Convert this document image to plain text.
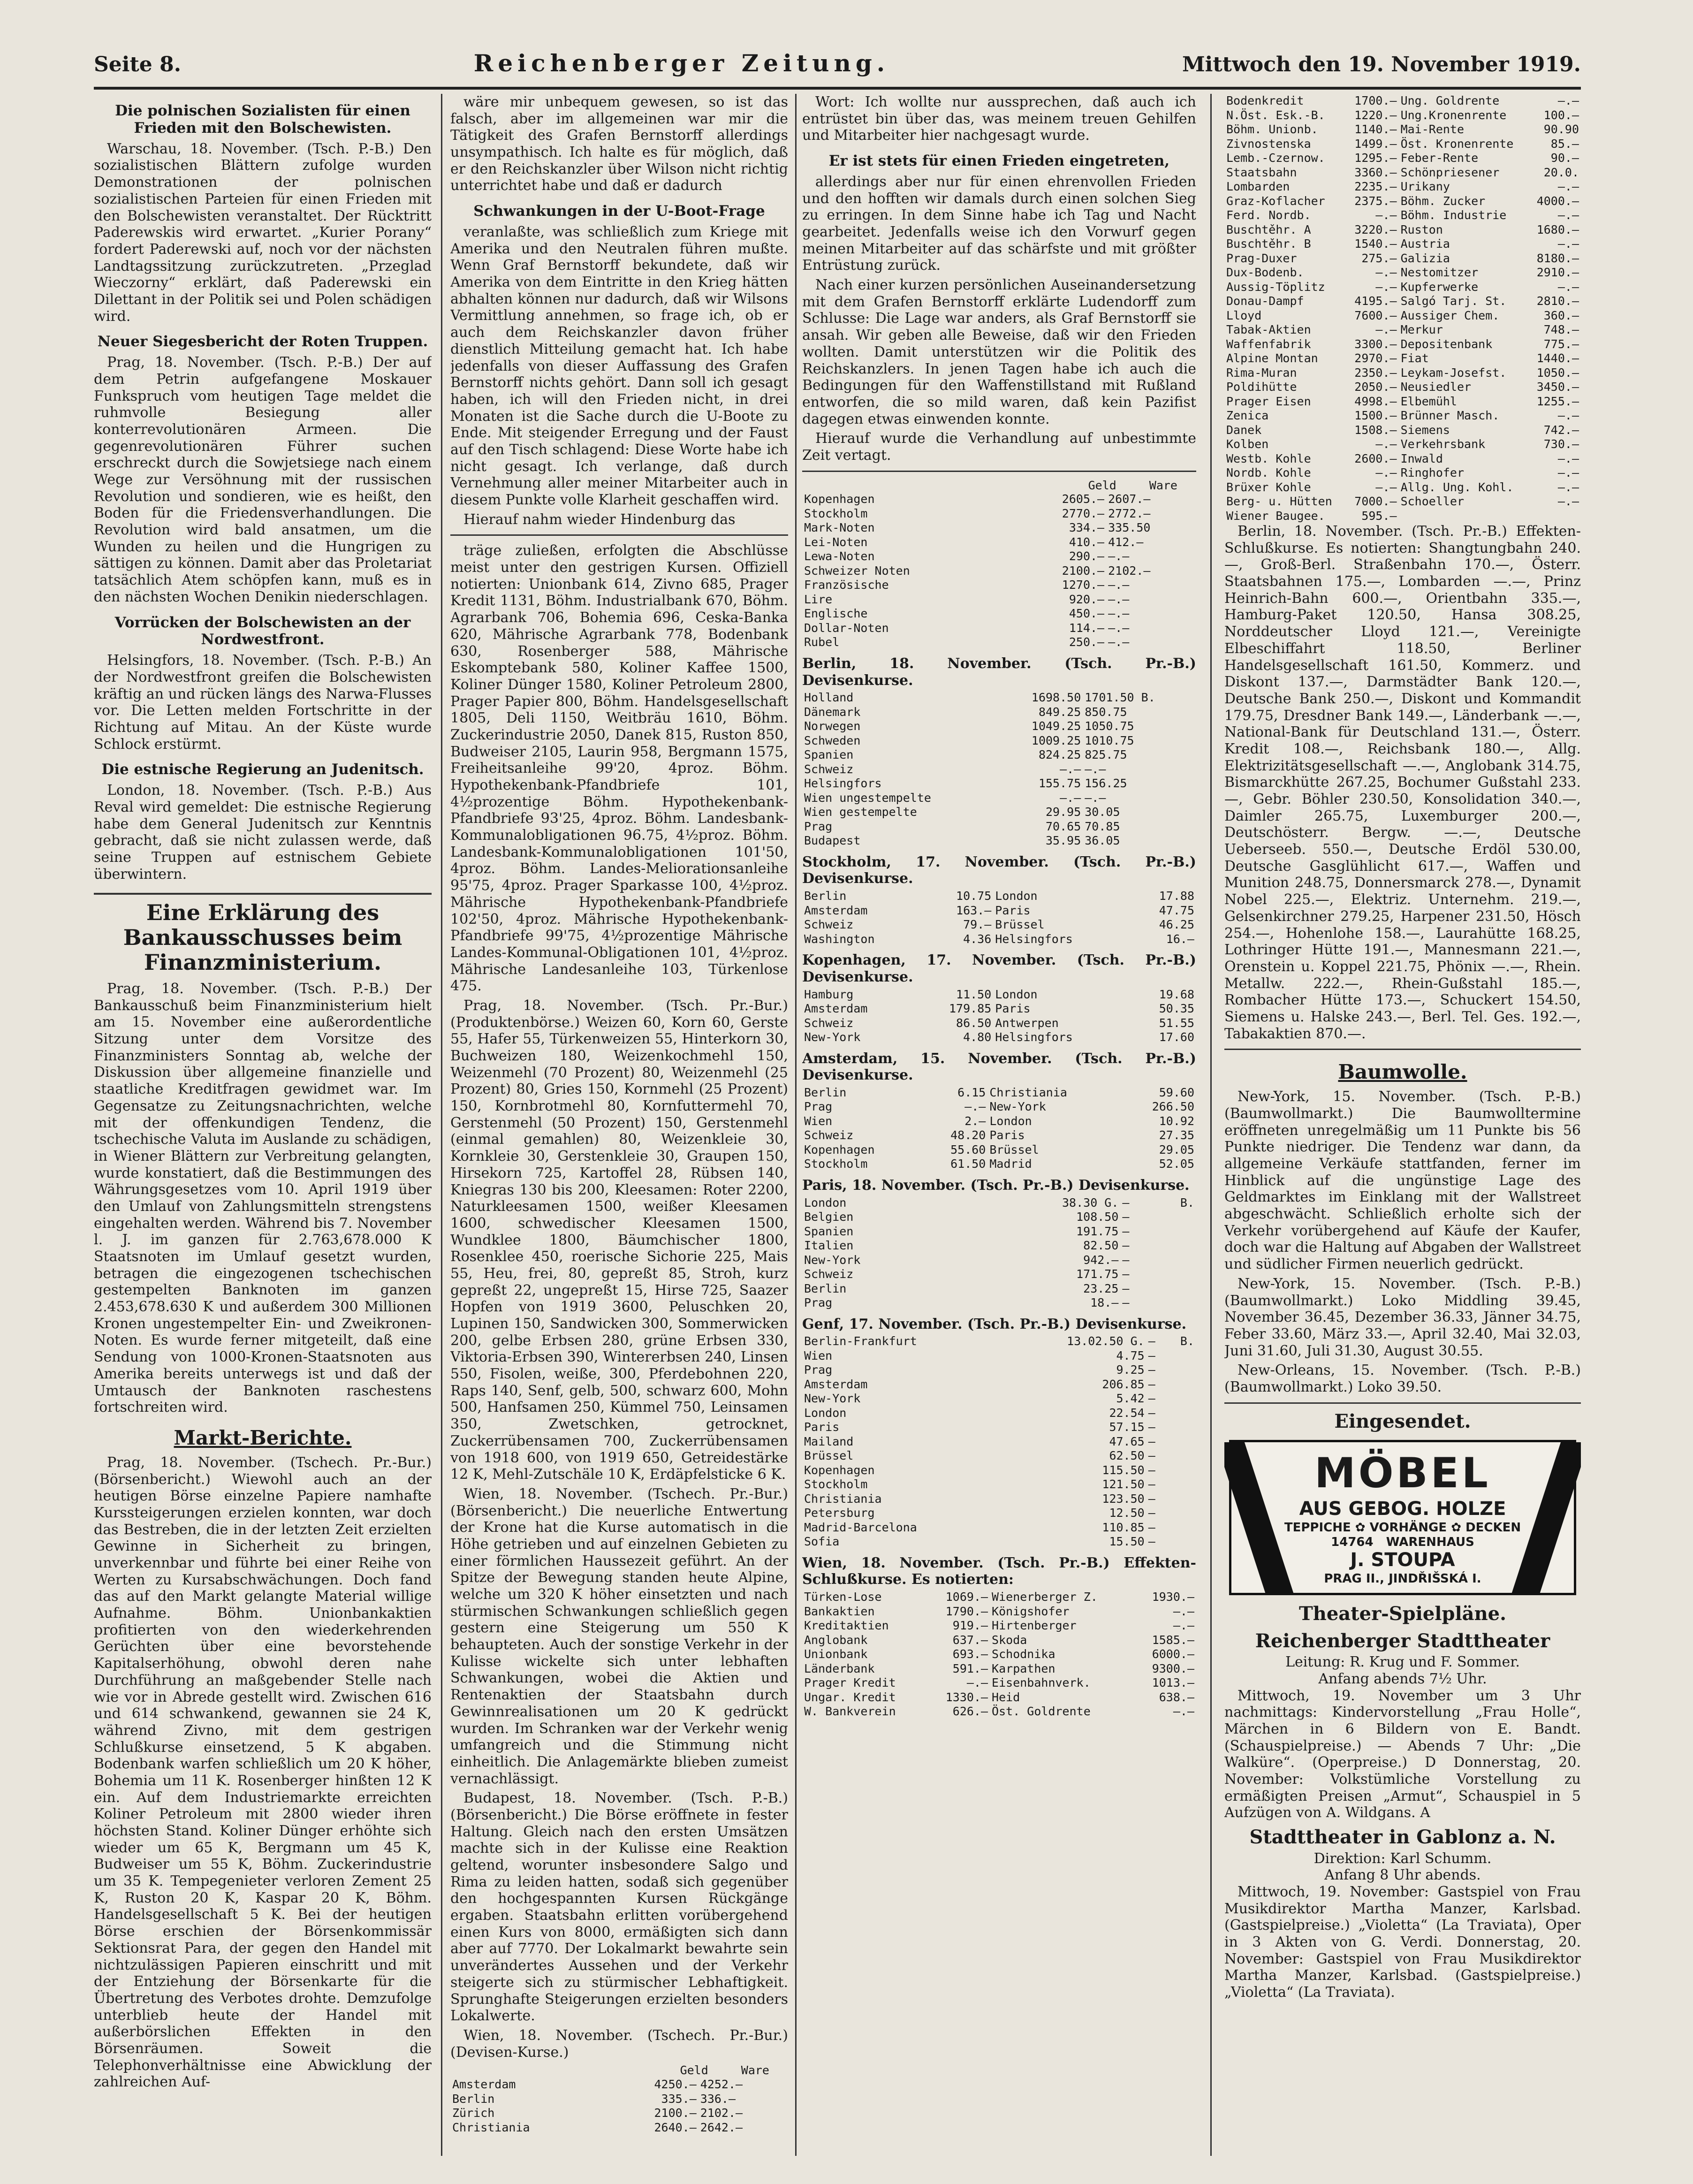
Seite 8.	Reichenberger Zeitung.	Mittwoch den 19. November 1919.
Die polnischen Sozialisten für einen Frieden mit den Bolschewisten.

Warschau, 18. November. (Tsch. P.-B.) Den sozialistischen Blättern zufolge wurden Demonstrationen der polnischen sozialistischen Parteien für einen Frieden mit den Bolschewisten veranstaltet. Der Rücktritt Paderewskis wird erwartet. „Kurier Porany“ fordert Paderewski auf, noch vor der nächsten Landtagssitzung zurückzutreten. „Przeglad Wieczorny“ erklärt, daß Paderewski ein Dilettant in der Politik sei und Polen schädigen wird.

Neuer Siegesbericht der Roten Truppen.

Prag, 18. November. (Tsch. P.-B.) Der auf dem Petrin aufgefangene Moskauer Funkspruch vom heutigen Tage meldet die ruhmvolle Besiegung aller konterrevolutionären Armeen. Die gegenrevolutionären Führer suchen erschreckt durch die Sowjetsiege nach einem Wege zur Versöhnung mit der russischen Revolution und sondieren, wie es heißt, den Boden für die Friedensverhandlungen. Die Revolution wird bald ansatmen, um die Wunden zu heilen und die Hungrigen zu sättigen zu können. Damit aber das Proletariat tatsächlich Atem schöpfen kann, muß es in den nächsten Wochen Denikin niederschlagen.

Vorrücken der Bolschewisten an der Nordwestfront.

Helsingfors, 18. November. (Tsch. P.-B.) An der Nordwestfront greifen die Bolschewisten kräftig an und rücken längs des Narwa-Flusses vor. Die Letten melden Fortschritte in der Richtung auf Mitau. An der Küste wurde Schlock erstürmt.

Die estnische Regierung an Judenitsch.

London, 18. November. (Tsch. P.-B.) Aus Reval wird gemeldet: Die estnische Regierung habe dem General Judenitsch zur Kenntnis gebracht, daß sie nicht zulassen werde, daß seine Truppen auf estnischem Gebiete überwintern.

Eine Erklärung des Bankausschusses beim Finanzministerium.

Prag, 18. November. (Tsch. P.-B.) Der Bankausschuß beim Finanzministerium hielt am 15. November eine außerordentliche Sitzung unter dem Vorsitze des Finanzministers Sonntag ab, welche der Diskussion über allgemeine finanzielle und staatliche Kreditfragen gewidmet war. Im Gegensatze zu Zeitungsnachrichten, welche mit der offenkundigen Tendenz, die tschechische Valuta im Auslande zu schädigen, in Wiener Blättern zur Verbreitung gelangten, wurde konstatiert, daß die Bestimmungen des Währungsgesetzes vom 10. April 1919 über den Umlauf von Zahlungsmitteln strengstens eingehalten werden. Während bis 7. November l. J. im ganzen für 2.763,678.000 K Staatsnoten im Umlauf gesetzt wurden, betragen die eingezogenen tschechischen gestempelten Banknoten im ganzen 2.453,678.630 K und außerdem 300 Millionen Kronen ungestempelter Ein- und Zweikronen-Noten. Es wurde ferner mitgeteilt, daß eine Sendung von 1000-Kronen-Staatsnoten aus Amerika bereits unterwegs ist und daß der Umtausch der Banknoten raschestens fortschreiten wird.

Markt-Berichte.

Prag, 18. November. (Tschech. Pr.-Bur.) (Börsenbericht.) Wiewohl auch an der heutigen Börse einzelne Papiere namhafte Kurssteigerungen erzielen konnten, war doch das Bestreben, die in der letzten Zeit erzielten Gewinne in Sicherheit zu bringen, unverkennbar und führte bei einer Reihe von Werten zu Kursabschwächungen. Doch fand das auf den Markt gelangte Material willige Aufnahme. Böhm. Unionbankaktien profitierten von den wiederkehrenden Gerüchten über eine bevorstehende Kapitalserhöhung, obwohl deren nahe Durchführung an maßgebender Stelle nach wie vor in Abrede gestellt wird. Zwischen 616 und 614 schwankend, gewannen sie 24 K, während Zivno, mit dem gestrigen Schlußkurse einsetzend, 5 K abgaben. Bodenbank warfen schließlich um 20 K höher, Bohemia um 11 K. Rosenberger hinßten 12 K ein. Auf dem Industriemarkte erreichten Koliner Petroleum mit 2800 wieder ihren höchsten Stand. Koliner Dünger erhöhte sich wieder um 65 K, Bergmann um 45 K, Budweiser um 55 K, Böhm. Zuckerindustrie um 35 K. Tempegenieter verloren Zement 25 K, Ruston 20 K, Kaspar 20 K, Böhm. Handelsgesellschaft 5 K. Bei der heutigen Börse erschien der Börsenkommissär Sektionsrat Para, der gegen den Handel mit nichtzulässigen Papieren einschritt und mit der Entziehung der Börsenkarte für die Übertretung des Verbotes drohte. Demzufolge unterblieb heute der Handel mit außerbörslichen Effekten in den Börsenräumen. Soweit die Telephonverhältnisse eine Abwicklung der zahlreichen Auf-

wäre mir unbequem gewesen, so ist das falsch, aber im allgemeinen war mir die Tätigkeit des Grafen Bernstorff allerdings unsympathisch. Ich halte es für möglich, daß er den Reichskanzler über Wilson nicht richtig unterrichtet habe und daß er dadurch

Schwankungen in der U-Boot-Frage

veranlaßte, was schließlich zum Kriege mit Amerika und den Neutralen führen mußte. Wenn Graf Bernstorff bekundete, daß wir Amerika von dem Eintritte in den Krieg hätten abhalten können nur dadurch, daß wir Wilsons Vermittlung annehmen, so frage ich, ob er auch dem Reichskanzler davon früher dienstlich Mitteilung gemacht hat. Ich habe jedenfalls von dieser Auffassung des Grafen Bernstorff nichts gehört. Dann soll ich gesagt haben, ich will den Frieden nicht, in drei Monaten ist die Sache durch die U-Boote zu Ende. Mit steigender Erregung und der Faust auf den Tisch schlagend: Diese Worte habe ich nicht gesagt. Ich verlange, daß durch Vernehmung aller meiner Mitarbeiter auch in diesem Punkte volle Klarheit geschaffen wird.

Hierauf nahm wieder Hindenburg das

träge zuließen, erfolgten die Abschlüsse meist unter den gestrigen Kursen. Offiziell notierten: Unionbank 614, Zivno 685, Prager Kredit 1131, Böhm. Industrialbank 670, Böhm. Agrarbank 706, Bohemia 696, Ceska-Banka 620, Mährische Agrarbank 778, Bodenbank 630, Rosenberger 588, Mährische Eskomptebank 580, Koliner Kaffee 1500, Koliner Dünger 1580, Koliner Petroleum 2800, Prager Papier 800, Böhm. Handelsgesellschaft 1805, Deli 1150, Weitbräu 1610, Böhm. Zuckerindustrie 2050, Danek 815, Ruston 850, Budweiser 2105, Laurin 958, Bergmann 1575, Freiheitsanleihe 99'20, 4proz. Böhm. Hypothekenbank-Pfandbriefe 101, 4½prozentige Böhm. Hypothekenbank-Pfandbriefe 93'25, 4proz. Böhm. Landesbank-Kommunalobligationen 96.75, 4½proz. Böhm. Landesbank-Kommunalobligationen 101'50, 4proz. Böhm. Landes-Meliorationsanleihe 95'75, 4proz. Prager Sparkasse 100, 4½proz. Mährische Hypothekenbank-Pfandbriefe 102'50, 4proz. Mährische Hypothekenbank-Pfandbriefe 99'75, 4½prozentige Mährische Landes-Kommunal-Obligationen 101, 4½proz. Mährische Landesanleihe 103, Türkenlose 475.

Prag, 18. November. (Tsch. Pr.-Bur.) (Produktenbörse.) Weizen 60, Korn 60, Gerste 55, Hafer 55, Türkenweizen 55, Hinterkorn 30, Buchweizen 180, Weizenkochmehl 150, Weizenmehl (70 Prozent) 80, Weizenmehl (25 Prozent) 80, Gries 150, Kornmehl (25 Prozent) 150, Kornbrotmehl 80, Kornfuttermehl 70, Gerstenmehl (50 Prozent) 150, Gerstenmehl (einmal gemahlen) 80, Weizenkleie 30, Kornkleie 30, Gerstenkleie 30, Graupen 150, Hirsekorn 725, Kartoffel 28, Rübsen 140, Kniegras 130 bis 200, Kleesamen: Roter 2200, Naturkleesamen 1500, weißer Kleesamen 1600, schwedischer Kleesamen 1500, Wundklee 1800, Bäumchischer 1800, Rosenklee 450, roerische Sichorie 225, Mais 55, Heu, frei, 80, gepreßt 85, Stroh, kurz gepreßt 22, ungepreßt 15, Hirse 725, Saazer Hopfen von 1919 3600, Peluschken 20, Lupinen 150, Sandwicken 300, Sommerwicken 200, gelbe Erbsen 280, grüne Erbsen 330, Viktoria-Erbsen 390, Wintererbsen 240, Linsen 550, Fisolen, weiße, 300, Pferdebohnen 220, Raps 140, Senf, gelb, 500, schwarz 600, Mohn 500, Hanfsamen 250, Kümmel 750, Leinsamen 350, Zwetschken, getrocknet, Zuckerrübensamen 700, Zuckerrübensamen von 1918 600, von 1919 650, Getreidestärke 12 K, Mehl-Zutschäle 10 K, Erdäpfelsticke 6 K.

Wien, 18. November. (Tschech. Pr.-Bur.) (Börsenbericht.) Die neuerliche Entwertung der Krone hat die Kurse automatisch in die Höhe getrieben und auf einzelnen Gebieten zu einer förmlichen Haussezeit geführt. An der Spitze der Bewegung standen heute Alpine, welche um 320 K höher einsetzten und nach stürmischen Schwankungen schließlich gegen gestern eine Steigerung um 550 K behaupteten. Auch der sonstige Verkehr in der Kulisse wickelte sich unter lebhaften Schwankungen, wobei die Aktien und Rentenaktien der Staatsbahn durch Gewinnrealisationen um 20 K gedrückt wurden. Im Schranken war der Verkehr wenig umfangreich und die Stimmung nicht einheitlich. Die Anlagemärkte blieben zumeist vernachlässigt.

Budapest, 18. November. (Tsch. P.-B.) (Börsenbericht.) Die Börse eröffnete in fester Haltung. Gleich nach den ersten Umsätzen machte sich in der Kulisse eine Reaktion geltend, worunter insbesondere Salgo und Rima zu leiden hatten, sodaß sich gegenüber den hochgespannten Kursen Rückgänge ergaben. Staatsbahn erlitten vorübergehend einen Kurs von 8000, ermäßigten sich dann aber auf 7770. Der Lokalmarkt bewahrte sein unverändertes Aussehen und der Verkehr steigerte sich zu stürmischer Lebhaftigkeit. Sprunghafte Steigerungen erzielten besonders Lokalwerte.

Wien, 18. November. (Tschech. Pr.-Bur.) (Devisen-Kurse.)

Geld	Ware
Amsterdam	4250.—	4252.—
Berlin	335.—	336.—
Zürich	2100.—	2102.—
Christiania	2640.—	2642.—

Wort: Ich wollte nur aussprechen, daß auch ich entrüstet bin über das, was meinem treuen Gehilfen und Mitarbeiter hier nachgesagt wurde.

Er ist stets für einen Frieden eingetreten,

allerdings aber nur für einen ehrenvollen Frieden und den hofften wir damals durch einen solchen Sieg zu erringen. In dem Sinne habe ich Tag und Nacht gearbeitet. Jedenfalls weise ich den Vorwurf gegen meinen Mitarbeiter auf das schärfste und mit größter Entrüstung zurück.

Nach einer kurzen persönlichen Auseinandersetzung mit dem Grafen Bernstorff erklärte Ludendorff zum Schlusse: Die Lage war anders, als Graf Bernstorff sie ansah. Wir geben alle Beweise, daß wir den Frieden wollten. Damit unterstützen wir die Politik des Reichskanzlers. In jenen Tagen habe ich auch die Bedingungen für den Waffenstillstand mit Rußland entworfen, die so mild waren, daß kein Pazifist dagegen etwas einwenden konnte.

Hierauf wurde die Verhandlung auf unbestimmte Zeit vertagt.

Geld	Ware
Kopenhagen	2605.—	2607.—
Stockholm	2770.—	2772.—
Mark-Noten	334.—	335.50
Lei-Noten	410.—	412.—
Lewa-Noten	290.—	—.—
Schweizer Noten	2100.—	2102.—
Französische	1270.—	—.—
Lire	920.—	—.—
Englische	450.—	—.—
Dollar-Noten	114.—	—.—
Rubel	250.—	—.—
Berlin, 18. November. (Tsch. Pr.-B.) Devisenkurse.
Holland	1698.50	1701.50 B.
Dänemark	849.25	850.75
Norwegen	1049.25	1050.75
Schweden	1009.25	1010.75
Spanien	824.25	825.75
Schweiz	—.—	—.—
Helsingfors	155.75	156.25
Wien ungestempelte	—.—	—.—
Wien gestempelte	29.95	30.05
Prag	70.65	70.85
Budapest	35.95	36.05
Stockholm, 17. November. (Tsch. Pr.-B.) Devisenkurse.
Berlin	10.75	London	17.88
Amsterdam	163.—	Paris	47.75
Schweiz	79.—	Brüssel	46.25
Washington	4.36	Helsingfors	16.—
Kopenhagen, 17. November. (Tsch. Pr.-B.) Devisenkurse.
Hamburg	11.50	London	19.68
Amsterdam	179.85	Paris	50.35
Schweiz	86.50	Antwerpen	51.55
New-York	4.80	Helsingfors	17.60
Amsterdam, 15. November. (Tsch. Pr.-B.) Devisenkurse.
Berlin	6.15	Christiania	59.60
Prag	—.—	New-York	266.50
Wien	2.—	London	10.92
Schweiz	48.20	Paris	27.35
Kopenhagen	55.60	Brüssel	29.05
Stockholm	61.50	Madrid	52.05
Paris, 18. November. (Tsch. Pr.-B.) Devisenkurse.
London	38.30 G.	—	B.
Belgien	108.50	—	
Spanien	191.75	—	
Italien	82.50	—	
New-York	942.—	—	
Schweiz	171.75	—	
Berlin	23.25	—	
Prag	18.—	—	
Genf, 17. November. (Tsch. Pr.-B.) Devisenkurse.
Berlin-Frankfurt	13.02.50 G.	—	B.
Wien	4.75	—	
Prag	9.25	—	
Amsterdam	206.85	—	
New-York	5.42	—	
London	22.54	—	
Paris	57.15	—	
Mailand	47.65	—	
Brüssel	62.50	—	
Kopenhagen	115.50	—	
Stockholm	121.50	—	
Christiania	123.50	—	
Petersburg	12.50	—	
Madrid-Barcelona	110.85	—	
Sofia	15.50	—	
Wien, 18. November. (Tsch. Pr.-B.) Effekten-Schlußkurse. Es notierten:
Türken-Lose	1069.—	Wienerberger Z.	1930.—
Bankaktien	1790.—	Königshofer	—.—
Kreditaktien	919.—	Hirtenberger	—.—
Anglobank	637.—	Skoda	1585.—
Unionbank	693.—	Schodnika	6000.—
Länderbank	591.—	Karpathen	9300.—
Prager Kredit	—.—	Eisenbahnverk.	1013.—
Ungar. Kredit	1330.—	Heid	638.—
W. Bankverein	626.—	Öst. Goldrente	—.—
Bodenkredit	1700.—	Ung. Goldrente	—.—
N.Öst. Esk.-B.	1220.—	Ung.Kronenrente	100.—
Böhm. Unionb.	1140.—	Mai-Rente	90.90
Zivnostenska	1499.—	Öst. Kronenrente	85.—
Lemb.-Czernow.	1295.—	Feber-Rente	90.—
Staatsbahn	3360.—	Schönpriesener	20.0.
Lombarden	2235.—	Urikany	—.—
Graz-Koflacher	2375.—	Böhm. Zucker	4000.—
Ferd. Nordb.	—.—	Böhm. Industrie	—.—
Buschtěhr. A	3220.—	Ruston	1680.—
Buschtěhr. B	1540.—	Austria	—.—
Prag-Duxer	275.—	Galizia	8180.—
Dux-Bodenb.	—.—	Nestomitzer	2910.—
Aussig-Töplitz	—.—	Kupferwerke	—.—
Donau-Dampf	4195.—	Salgó Tarj. St.	2810.—
Lloyd	7600.—	Aussiger Chem.	360.—
Tabak-Aktien	—.—	Merkur	748.—
Waffenfabrik	3300.—	Depositenbank	775.—
Alpine Montan	2970.—	Fiat	1440.—
Rima-Muran	2350.—	Leykam-Josefst.	1050.—
Poldihütte	2050.—	Neusiedler	3450.—
Prager Eisen	4998.—	Elbemühl	1255.—
Zenica	1500.—	Brünner Masch.	—.—
Danek	1508.—	Siemens	742.—
Kolben	—.—	Verkehrsbank	730.—
Westb. Kohle	2600.—	Inwald	—.—
Nordb. Kohle	—.—	Ringhofer	—.—
Brüxer Kohle	—.—	Allg. Ung. Kohl.	—.—
Berg- u. Hütten	7000.—	Schoeller	—.—
Wiener Baugee.	595.—		

Berlin, 18. November. (Tsch. Pr.-B.) Effekten-Schlußkurse. Es notierten: Shangtungbahn 240.—, Groß-Berl. Straßenbahn 170.—, Österr. Staatsbahnen 175.—, Lombarden —.—, Prinz Heinrich-Bahn 600.—, Orientbahn 335.—, Hamburg-Paket 120.50, Hansa 308.25, Norddeutscher Lloyd 121.—, Vereinigte Elbeschiffahrt 118.50, Berliner Handelsgesellschaft 161.50, Kommerz. und Diskont 137.—, Darmstädter Bank 120.—, Deutsche Bank 250.—, Diskont und Kommandit 179.75, Dresdner Bank 149.—, Länderbank —.—, National-Bank für Deutschland 131.—, Österr. Kredit 108.—, Reichsbank 180.—, Allg. Elektrizitätsgesellschaft —.—, Anglobank 314.75, Bismarckhütte 267.25, Bochumer Gußstahl 233.—, Gebr. Böhler 230.50, Konsolidation 340.—, Daimler 265.75, Luxemburger 200.—, Deutschösterr. Bergw. —.—, Deutsche Ueberseeb. 550.—, Deutsche Erdöl 530.00, Deutsche Gasglühlicht 617.—, Waffen und Munition 248.75, Donnersmarck 278.—, Dynamit Nobel 225.—, Elektriz. Unternehm. 219.—, Gelsenkirchner 279.25, Harpener 231.50, Hösch 254.—, Hohenlohe 158.—, Laurahütte 168.25, Lothringer Hütte 191.—, Mannesmann 221.—, Orenstein u. Koppel 221.75, Phönix —.—, Rhein. Metallw. 222.—, Rhein-Gußstahl 185.—, Rombacher Hütte 173.—, Schuckert 154.50, Siemens u. Halske 243.—, Berl. Tel. Ges. 192.—, Tabakaktien 870.—.

Baumwolle.

New-York, 15. November. (Tsch. P.-B.) (Baumwollmarkt.) Die Baumwolltermine eröffneten unregelmäßig um 11 Punkte bis 56 Punkte niedriger. Die Tendenz war dann, da allgemeine Verkäufe stattfanden, ferner im Hinblick auf die ungünstige Lage des Geldmarktes im Einklang mit der Wallstreet abgeschwächt. Schließlich erholte sich der Verkehr vorübergehend auf Käufe der Kaufer, doch war die Haltung auf Abgaben der Wallstreet und südlicher Firmen neuerlich gedrückt.

New-York, 15. November. (Tsch. P.-B.) (Baumwollmarkt.) Loko Middling 39.45, November 36.45, Dezember 36.33, Jänner 34.75, Feber 33.60, März 33.—, April 32.40, Mai 32.03, Juni 31.60, Juli 31.30, August 30.55.

New-Orleans, 15. November. (Tsch. P.-B.) (Baumwollmarkt.) Loko 39.50.

Eingesendet.
MÖBEL
AUS GEBOG. HOLZE
TEPPICHE ✿ VORHÄNGE ✿ DECKEN
14764 WARENHAUS
J. STOUPA
PRAG II., JINDŘIŠSKÁ I.
Theater-Spielpläne.
Reichenberger Stadttheater
Leitung: R. Krug und F. Sommer.
Anfang abends 7½ Uhr.

Mittwoch, 19. November um 3 Uhr nachmittags: Kindervorstellung „Frau Holle“, Märchen in 6 Bildern von E. Bandt. (Schauspielpreise.) — Abends 7 Uhr: „Die Walküre“. (Operpreise.) D Donnerstag, 20. November: Volkstümliche Vorstellung zu ermäßigten Preisen „Armut“, Schauspiel in 5 Aufzügen von A. Wildgans. A

Stadttheater in Gablonz a. N.
Direktion: Karl Schumm.
Anfang 8 Uhr abends.

Mittwoch, 19. November: Gastspiel von Frau Musikdirektor Martha Manzer, Karlsbad. (Gastspielpreise.) „Violetta“ (La Traviata), Oper in 3 Akten von G. Verdi. Donnerstag, 20. November: Gastspiel von Frau Musikdirektor Martha Manzer, Karlsbad. (Gastspielpreise.) „Violetta“ (La Traviata).
